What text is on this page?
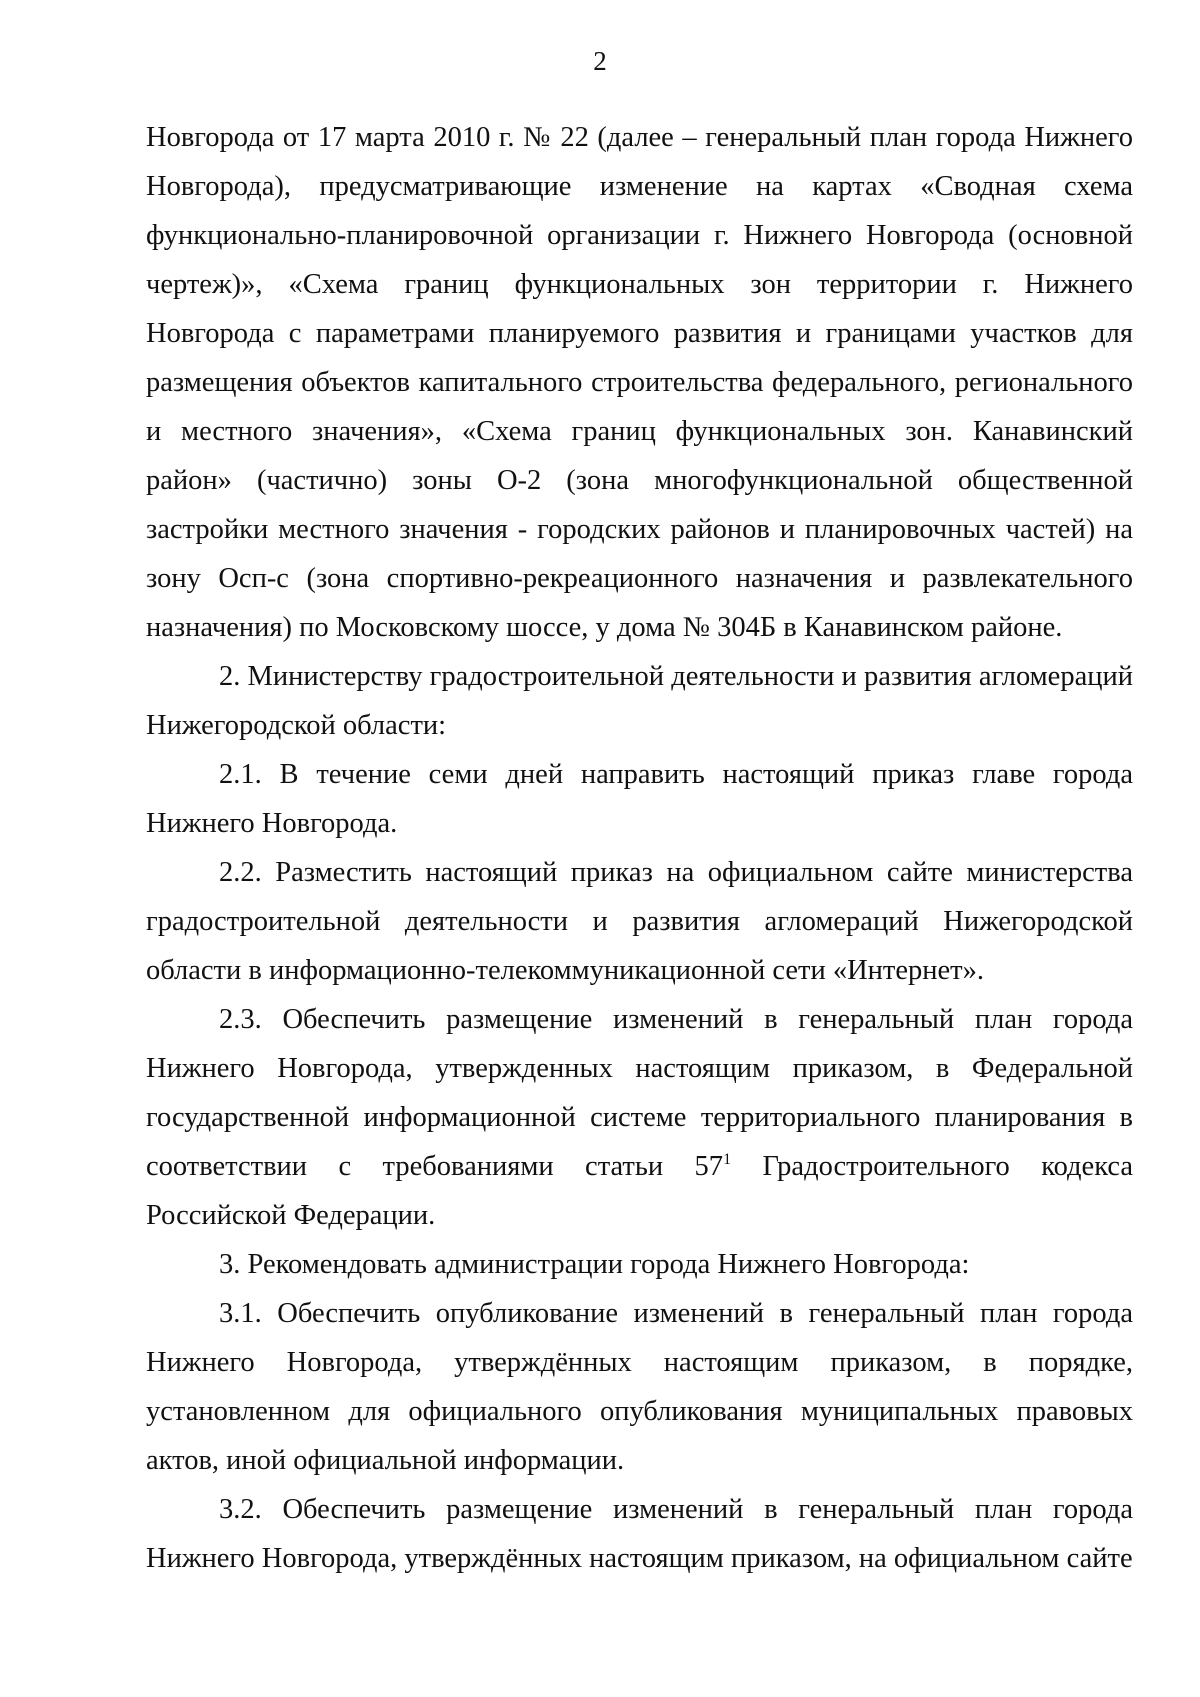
2

Новгорода от 17 марта 2010 г. № 22 (далее – генеральный план города Нижнего Новгорода), предусматривающие изменение на картах «Сводная схема функционально-планировочной организации г. Нижнего Новгорода (основной чертеж)», «Схема границ функциональных зон территории г. Нижнего Новгорода с параметрами планируемого развития и границами участков для размещения объектов капитального строительства федерального, регионального и местного значения», «Схема границ функциональных зон. Канавинский район» (частично) зоны О-2 (зона многофункциональной общественной застройки местного значения - городских районов и планировочных частей) на зону Осп-с (зона спортивно-рекреационного назначения и развлекательного назначения) по Московскому шоссе, у дома № 304Б в Канавинском районе.

2. Министерству градостроительной деятельности и развития агломераций Нижегородской области:

2.1. В течение семи дней направить настоящий приказ главе города Нижнего Новгорода.

2.2. Разместить настоящий приказ на официальном сайте министерства градостроительной деятельности и развития агломераций Нижегородской области в информационно-телекоммуникационной сети «Интернет».

2.3. Обеспечить размещение изменений в генеральный план города Нижнего Новгорода, утвержденных настоящим приказом, в Федеральной государственной информационной системе территориального планирования в соответствии с требованиями статьи $57^1$ Градостроительного кодекса Российской Федерации.

3. Рекомендовать администрации города Нижнего Новгорода:

3.1. Обеспечить опубликование изменений в генеральный план города Нижнего Новгорода, утверждённых настоящим приказом, в порядке, установленном для официального опубликования муниципальных правовых актов, иной официальной информации.

3.2. Обеспечить размещение изменений в генеральный план города Нижнего Новгорода, утверждённых настоящим приказом, на официальном сайте
